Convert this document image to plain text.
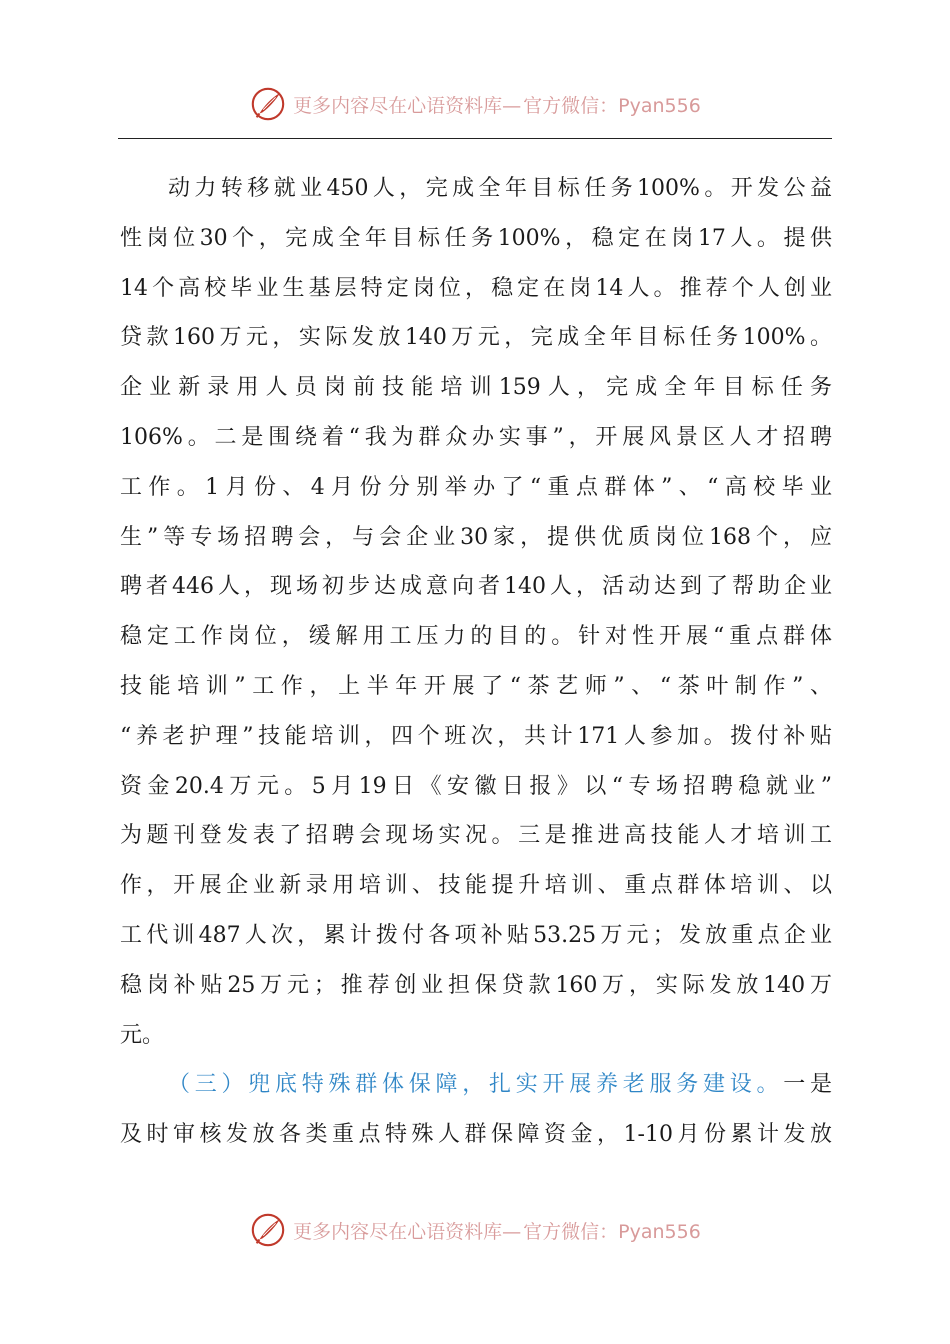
更多内容尽在心语资料库— 官方微信：Pyan556
动力转移就业450人，完成全年目标任务100%。开发公益
性岗位30个，完成全年目标任务100%，稳定在岗17人。提供
14个高校毕业生基层特定岗位，稳定在岗14人。推荐个人创业
贷款160万元，实际发放140万元，完成全年目标任务100%。
企业新录用人员岗前技能培训159人，完成全年目标任务
106%。二是围绕着“我为群众办实事”，开展风景区人才招聘
工作。1月份、4月份分别举办了“重点群体”、“高校毕业
生”等专场招聘会，与会企业30家，提供优质岗位168个，应
聘者446人，现场初步达成意向者140人，活动达到了帮助企业
稳定工作岗位，缓解用工压力的目的。针对性开展“重点群体
技能培训”工作，上半年开展了“茶艺师”、“茶叶制作”、
“养老护理”技能培训，四个班次，共计171人参加。拨付补贴
资金20.4万元。5月19日《安徽日报》以“专场招聘稳就业”
为题刊登发表了招聘会现场实况。三是推进高技能人才培训工
作，开展企业新录用培训、技能提升培训、重点群体培训、以
工代训487人次，累计拨付各项补贴53.25万元；发放重点企业
稳岗补贴25万元；推荐创业担保贷款160万，实际发放140万
元。
（三）兜底特殊群体保障，扎实开展养老服务建设。一是
及时审核发放各类重点特殊人群保障资金，1-10月份累计发放
更多内容尽在心语资料库— 官方微信：Pyan556
